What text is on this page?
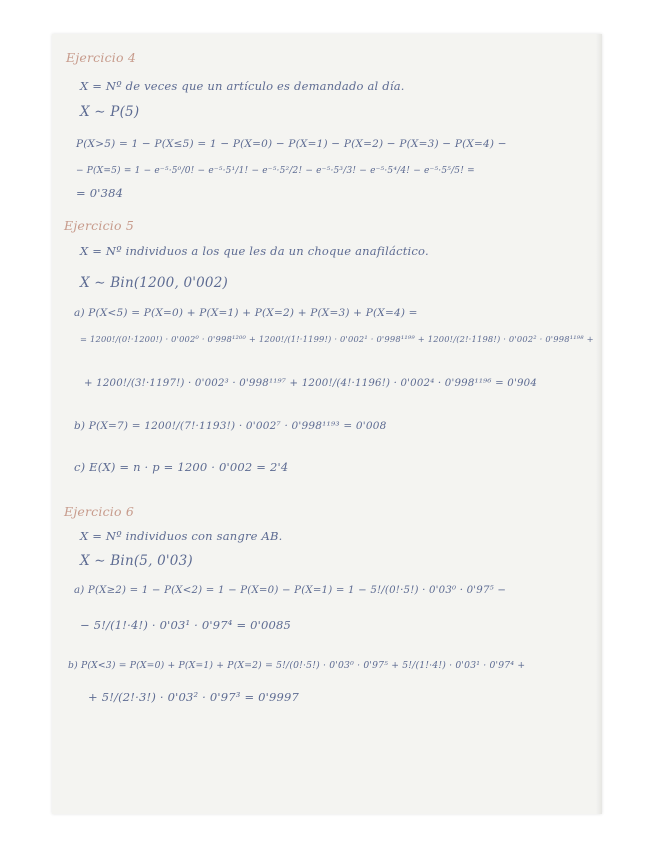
Ejercicio 4
X = Nº de veces que un artículo es demandado al día.
X ∼ P(5)
P(X>5) = 1 − P(X≤5) = 1 − P(X=0) − P(X=1) − P(X=2) − P(X=3) − P(X=4) −
− P(X=5) = 1 − e⁻⁵·5⁰/0! − e⁻⁵·5¹/1! − e⁻⁵·5²/2! − e⁻⁵·5³/3! − e⁻⁵·5⁴/4! − e⁻⁵·5⁵/5! =
= 0'384
Ejercicio 5
X = Nº individuos a los que les da un choque anafiláctico.
X ∼ Bin(1200, 0'002)
a) P(X<5) = P(X=0) + P(X=1) + P(X=2) + P(X=3) + P(X=4) =
= 1200!/(0!·1200!) · 0'002⁰ · 0'998¹²⁰⁰ + 1200!/(1!·1199!) · 0'002¹ · 0'998¹¹⁹⁹ + 1200!/(2!·1198!) · 0'002² · 0'998¹¹⁹⁸ +
+ 1200!/(3!·1197!) · 0'002³ · 0'998¹¹⁹⁷ + 1200!/(4!·1196!) · 0'002⁴ · 0'998¹¹⁹⁶ = 0'904
b) P(X=7) = 1200!/(7!·1193!) · 0'002⁷ · 0'998¹¹⁹³ = 0'008
c) E(X) = n · p = 1200 · 0'002 = 2'4
Ejercicio 6
X = Nº individuos con sangre AB.
X ∼ Bin(5, 0'03)
a) P(X≥2) = 1 − P(X<2) = 1 − P(X=0) − P(X=1) = 1 − 5!/(0!·5!) · 0'03⁰ · 0'97⁵ −
− 5!/(1!·4!) · 0'03¹ · 0'97⁴ = 0'0085
b) P(X<3) = P(X=0) + P(X=1) + P(X=2) = 5!/(0!·5!) · 0'03⁰ · 0'97⁵ + 5!/(1!·4!) · 0'03¹ · 0'97⁴ +
+ 5!/(2!·3!) · 0'03² · 0'97³ = 0'9997
